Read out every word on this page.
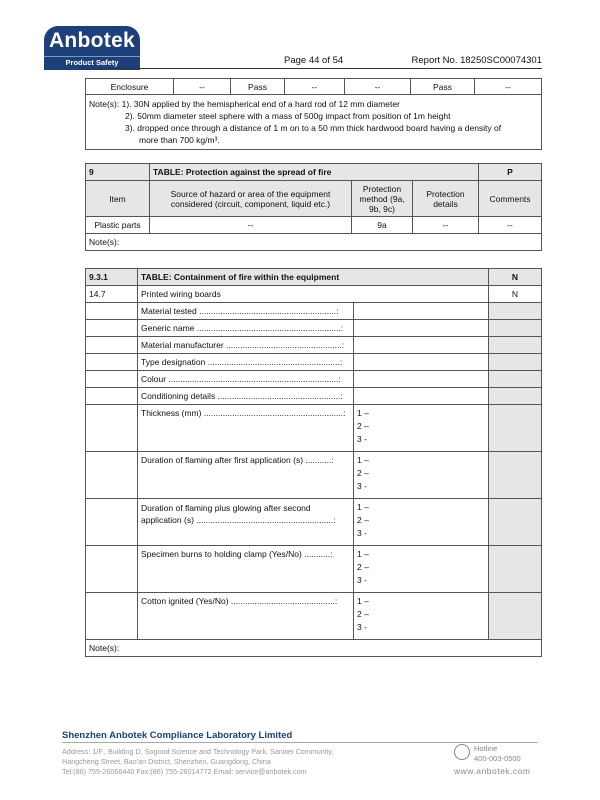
Anbotek
Product Safety	Page 44 of 54	Report No. 18250SC00074301
Enclosure	--	Pass	--	--	Pass	--

Note(s): 1). 30N applied by the hemispherical end of a hard rod of 12 mm diameter
2). 50mm diameter steel sphere with a mass of 500g impact from position of 1m height
3). dropped once through a distance of 1 m on to a 50 mm thick hardwood board having a density of
more than 700 kg/m³.
9	TABLE: Protection against the spread of fire			P
Item	Source of hazard or area of the equipment considered (circuit, component, liquid etc.)	Protection method (9a, 9b, 9c)	Protection details	Comments
Plastic parts	--	9a	--	--
Note(s):				
9.3.1	TABLE: Containment of fire within the equipment		N
14.7	Printed wiring boards		N
	Material tested ..........................................................:		
	Generic name .............................................................:		
	Material manufacturer .................................................:		
	Type designation ........................................................:		
	Colour ........................................................................:		
	Conditioning details ....................................................:		
	Thickness (mm) ...........................................................:	1 –
2 –
3 -	

	Duration of flaming after first application (s) ...........:	1 –
2 –
3 -	

	Duration of flaming plus glowing after second application (s) ..........................................................:	1 –
2 –
3 -	

	Specimen burns to holding clamp (Yes/No) ...........:	1 –
2 –
3 -	

	Cotton ignited (Yes/No) ............................................:	1 –
2 –
3 -	

Note(s):			
Shenzhen Anbotek Compliance Laboratory Limited
Address: 1/F., Building D, Sogood Science and Technology Park, Sanwei Community,
Hangcheng Street, Bao'an District, Shenzhen, Guangdong, China
Tel:(86) 755-26066440 Fax:(86) 755-26014772 Email: service@anbotek.com
Hotline
400-003-0500
www.anbotek.com
